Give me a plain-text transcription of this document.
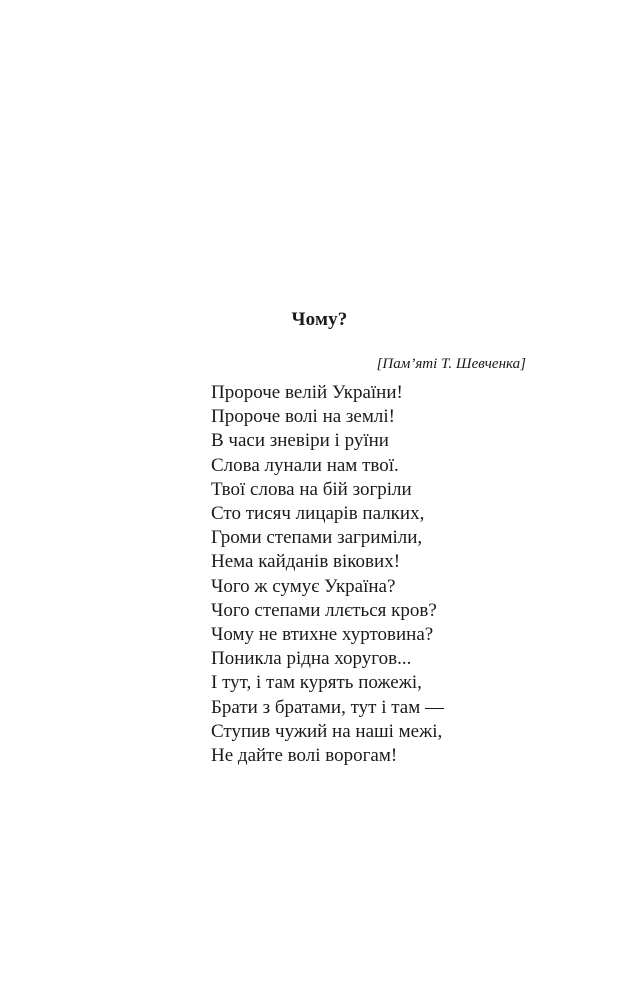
Чому?

[Пам’яті Т. Шевченка]

Пророче велій України!
Пророче волі на землі!
В часи зневіри і руїни
Слова лунали нам твої.
Твої слова на бій зогріли
Сто тисяч лицарів палких,
Громи степами загриміли,
Нема кайданів вікових!
Чого ж сумує Україна?
Чого степами ллється кров?
Чому не втихне хуртовина?
Поникла рідна хоругов...
І тут, і там курять пожежі,
Брати з братами, тут і там —
Ступив чужий на наші межі,
Не дайте волі ворогам!
